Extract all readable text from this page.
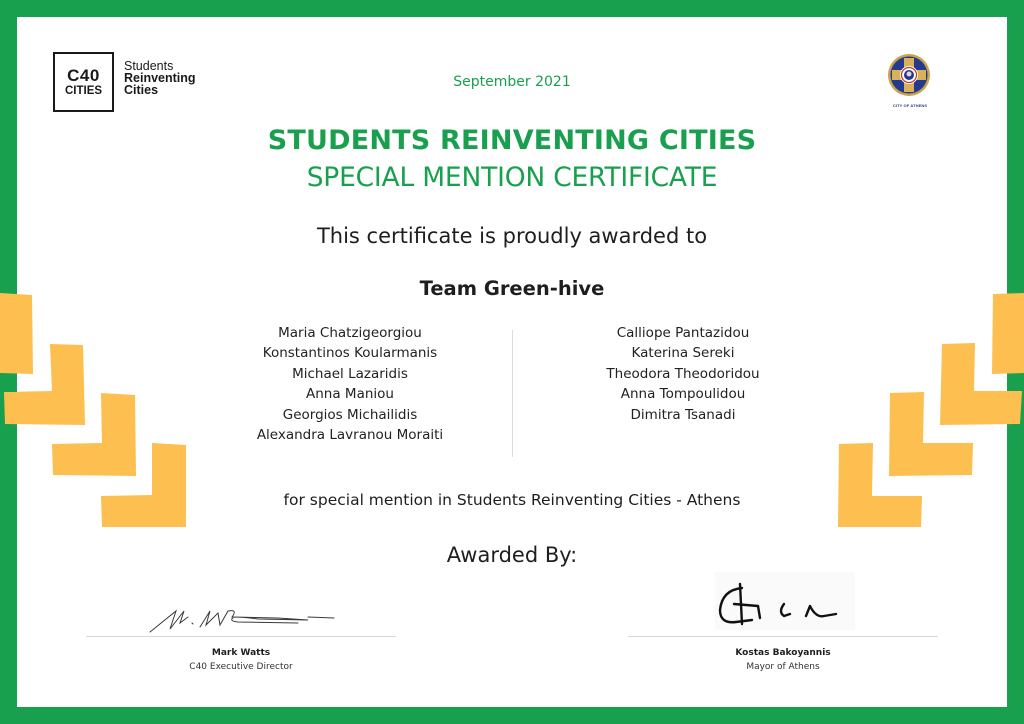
C40
CITIES
Students
Reinventing
Cities
CITY OF ATHENS
September 2021
STUDENTS REINVENTING CITIES
SPECIAL MENTION CERTIFICATE
This certificate is proudly awarded to
Team Green-hive
Maria Chatzigeorgiou
Konstantinos Koularmanis
Michael Lazaridis
Anna Maniou
Georgios Michailidis
Alexandra Lavranou Moraiti
Calliope Pantazidou
Katerina Sereki
Theodora Theodoridou
Anna Tompoulidou
Dimitra Tsanadi
for special mention in Students Reinventing Cities - Athens
Awarded By:
Mark Watts
C40 Executive Director
Kostas Bakoyannis
Mayor of Athens
